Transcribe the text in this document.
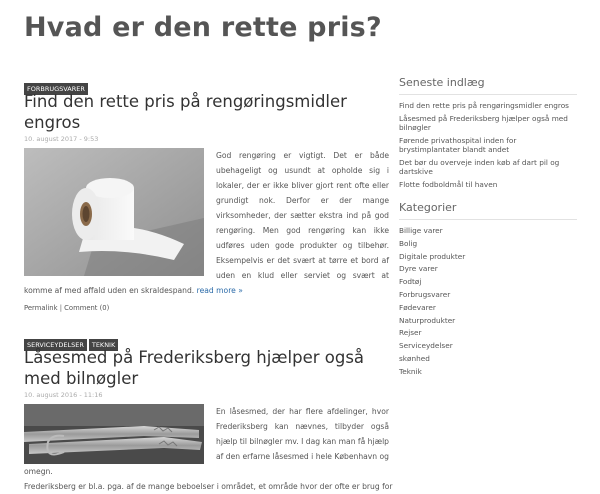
Hvad er den rette pris?
FORBRUGSVARER
Find den rette pris på rengøringsmidler engros
10. august 2017 - 9:53

God rengøring er vigtigt. Det er både ubehageligt og usundt at opholde sig i lokaler, der er ikke bliver gjort rent ofte eller grundigt nok. Derfor er der mange virksomheder, der sætter ekstra ind på god rengøring. Men god rengøring kan ikke udføres uden gode produkter og tilbehør. Eksempelvis er det svært at tørre et bord af uden en klud eller serviet og svært at komme af med affald uden en skraldespand. read more »

Permalink | Comment (0)
SERVICEYDELSER TEKNIK
Låsesmed på Frederiksberg hjælper også med bilnøgler
10. august 2016 - 11:16

En låsesmed, der har flere afdelinger, hvor Frederiksberg kan nævnes, tilbyder også hjælp til bilnøgler mv. I dag kan man få hjælp af den erfarne låsesmed i hele København og omegn.

Frederiksberg er bl.a. pga. af de mange beboelser i området, et område hvor der ofte er brug for

Seneste indlæg
Find den rette pris på rengøringsmidler engros
Låsesmed på Frederiksberg hjælper også med bilnøgler
Førende privathospital inden for brystimplantater blandt andet
Det bør du overveje inden køb af dart pil og dartskive
Flotte fodboldmål til haven
Kategorier
Billige varer
Bolig
Digitale produkter
Dyre varer
Fodtøj
Forbrugsvarer
Fødevarer
Naturprodukter
Rejser
Serviceydelser
skønhed
Teknik
